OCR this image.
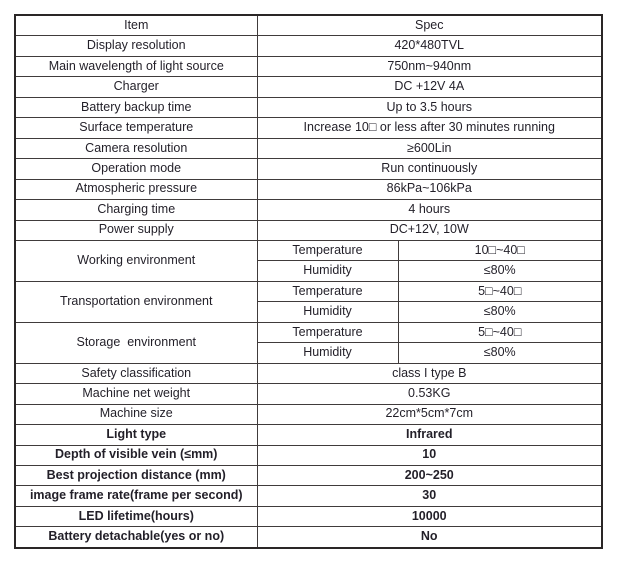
Item	Spec	
Display resolution	420*480TVL	
Main wavelength of light source	750nm~940nm	
Charger	DC +12V 4A	
Battery backup time	Up to 3.5 hours	
Surface temperature	Increase 10□ or less after 30 minutes running	
Camera resolution	≥600Lin	
Operation mode	Run continuously	
Atmospheric pressure	86kPa~106kPa	
Charging time	4 hours	
Power supply	DC+12V, 10W	
Working environment	Temperature	10□~40□
	Humidity	≤80%
Transportation environment	Temperature	5□~40□
	Humidity	≤80%
Storage  environment	Temperature	5□~40□
	Humidity	≤80%
Safety classification	class I type B	
Machine net weight	0.53KG	
Machine size	22cm*5cm*7cm	
Light type	Infrared	
Depth of visible vein (≤mm)	10	
Best projection distance (mm)	200~250	
image frame rate(frame per second)	30	
LED lifetime(hours)	10000	
Battery detachable(yes or no)	No	
